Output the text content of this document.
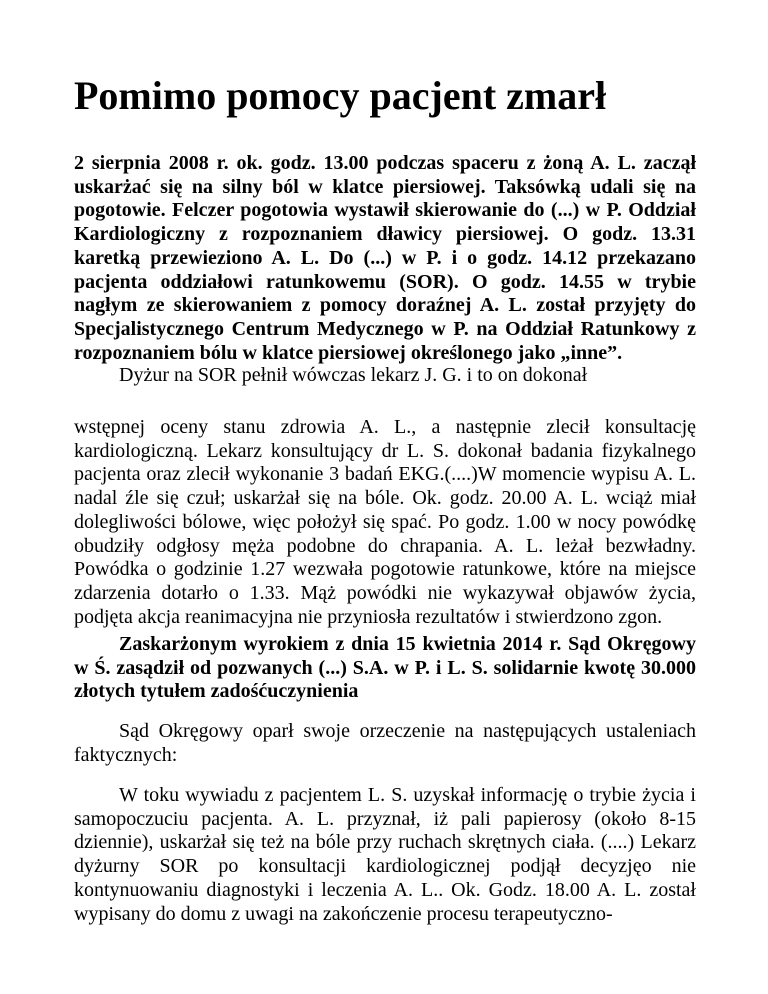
Pomimo pomocy pacjent zmarł

2 sierpnia 2008 r. ok. godz. 13.00 podczas spaceru z żoną A. L. zaczął uskarżać się na silny ból w klatce piersiowej. Taksówką udali się na pogotowie. Felczer pogotowia wystawił skierowanie do (...) w P. Oddział Kardiologiczny z rozpoznaniem dławicy piersiowej. O godz. 13.31 karetką przewieziono A. L. Do (...) w P. i o godz. 14.12 przekazano pacjenta oddziałowi ratunkowemu (SOR). O godz. 14.55 w trybie nagłym ze skierowaniem z pomocy doraźnej A. L. został przyjęty do Specjalistycznego Centrum Medycznego w P. na Oddział Ratunkowy z rozpoznaniem bólu w klatce piersiowej określonego jako „inne”.

Dyżur na SOR pełnił wówczas lekarz J. G. i to on dokonał

wstępnej oceny stanu zdrowia A. L., a następnie zlecił konsultację kardiologiczną. Lekarz konsultujący dr L. S. dokonał badania fizykalnego pacjenta oraz zlecił wykonanie 3 badań EKG.(....)W momencie wypisu A. L. nadal źle się czuł; uskarżał się na bóle. Ok. godz. 20.00 A. L. wciąż miał dolegliwości bólowe, więc położył się spać. Po godz. 1.00 w nocy powódkę obudziły odgłosy męża podobne do chrapania. A. L. leżał bezwładny. Powódka o godzinie 1.27 wezwała pogotowie ratunkowe, które na miejsce zdarzenia dotarło o 1.33. Mąż powódki nie wykazywał objawów życia, podjęta akcja reanimacyjna nie przyniosła rezultatów i stwierdzono zgon.

Zaskarżonym wyrokiem z dnia 15 kwietnia 2014 r. Sąd Okręgowy w Ś. zasądził od pozwanych (...) S.A. w P. i L. S. solidarnie kwotę 30.000 złotych tytułem zadośćuczynienia

Sąd Okręgowy oparł swoje orzeczenie na następujących ustaleniach faktycznych:

W toku wywiadu z pacjentem L. S. uzyskał informację o trybie życia i samopoczuciu pacjenta. A. L. przyznał, iż pali papierosy (około 8-15 dziennie), uskarżał się też na bóle przy ruchach skrętnych ciała. (....) Lekarz dyżurny SOR po konsultacji kardiologicznej podjął decyzjęo nie kontynuowaniu diagnostyki i leczenia A. L.. Ok. Godz. 18.00 A. L. został wypisany do domu z uwagi na zakończenie procesu terapeutyczno-
